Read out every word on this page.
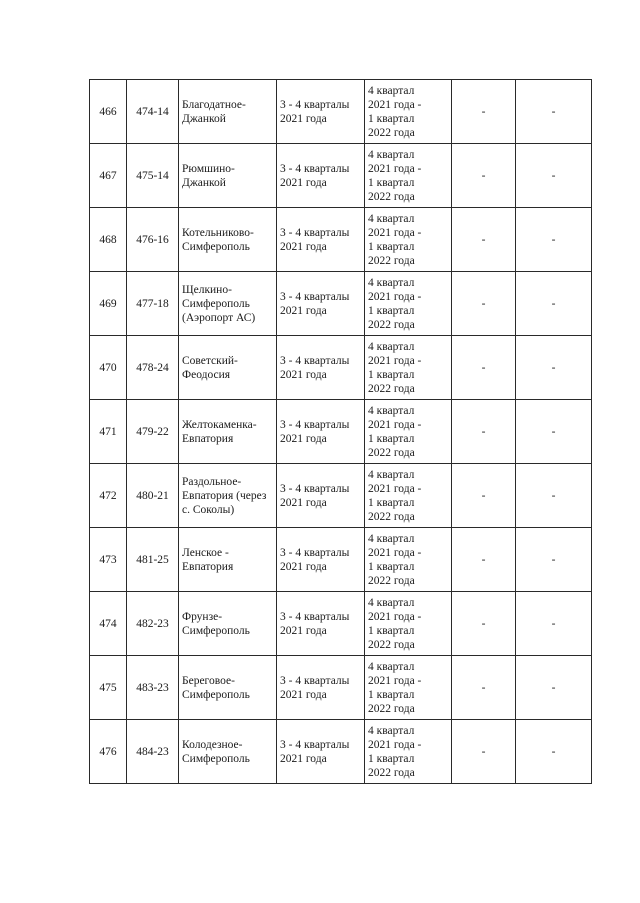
466	474-14	Благодатное-
Джанкой	3 - 4 кварталы
2021 года	4 квартал
2021 года -
1 квартал
2022 года	-	-

467	475-14	Рюмшино-
Джанкой	3 - 4 кварталы
2021 года	4 квартал
2021 года -
1 квартал
2022 года	-	-

468	476-16	Котельниково-
Симферополь	3 - 4 кварталы
2021 года	4 квартал
2021 года -
1 квартал
2022 года	-	-

469	477-18	Щелкино-
Симферополь
(Аэропорт АС)	3 - 4 кварталы
2021 года	4 квартал
2021 года -
1 квартал
2022 года	-	-

470	478-24	Советский-
Феодосия	3 - 4 кварталы
2021 года	4 квартал
2021 года -
1 квартал
2022 года	-	-

471	479-22	Желтокаменка-
Евпатория	3 - 4 кварталы
2021 года	4 квартал
2021 года -
1 квартал
2022 года	-	-

472	480-21	Раздольное-
Евпатория (через
с. Соколы)	3 - 4 кварталы
2021 года	4 квартал
2021 года -
1 квартал
2022 года	-	-

473	481-25	Ленское -
Евпатория	3 - 4 кварталы
2021 года	4 квартал
2021 года -
1 квартал
2022 года	-	-

474	482-23	Фрунзе-
Симферополь	3 - 4 кварталы
2021 года	4 квартал
2021 года -
1 квартал
2022 года	-	-

475	483-23	Береговое-
Симферополь	3 - 4 кварталы
2021 года	4 квартал
2021 года -
1 квартал
2022 года	-	-

476	484-23	Колодезное-
Симферополь	3 - 4 кварталы
2021 года	4 квартал
2021 года -
1 квартал
2022 года	-	-
